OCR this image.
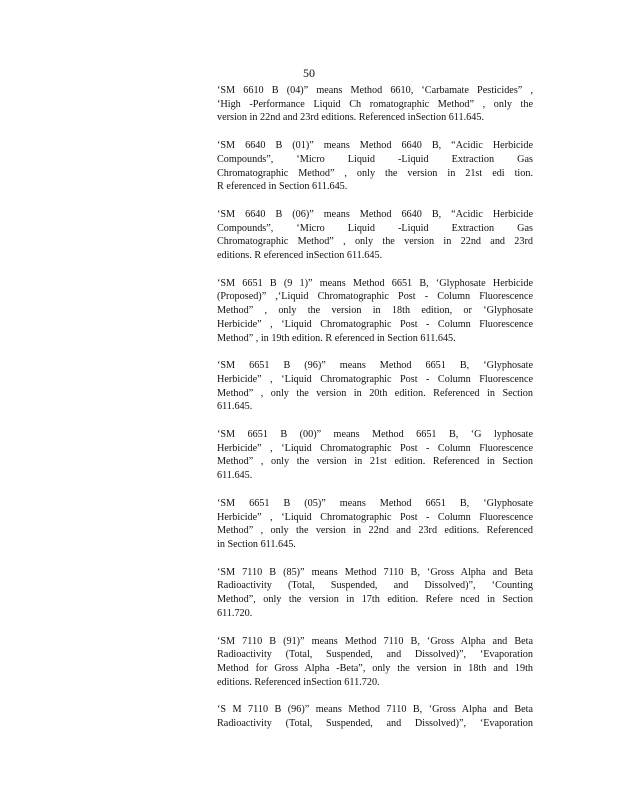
50
‘SM 6610 B (04)” means Method 6610, ‘Carbamate Pesticides” ,
‘High -Performance Liquid Ch romatographic Method” , only the
version in 22nd and 23rd editions. Referenced inSection 611.645.
‘SM 6640 B (01)” means Method 6640 B, “Acidic Herbicide
Compounds”, ‘Micro Liquid -Liquid Extraction Gas
Chromatographic Method” , only the version in 21st edi tion.
R eferenced in Section 611.645.
‘SM 6640 B (06)” means Method 6640 B, “Acidic Herbicide
Compounds”, ‘Micro Liquid -Liquid Extraction Gas
Chromatographic Method” , only the version in 22nd and 23rd
editions. R eferenced inSection 611.645.
‘SM 6651 B (9 1)” means Method 6651 B, ‘Glyphosate Herbicide
(Proposed)” ,‘Liquid Chromatographic Post - Column Fluorescence
Method” , only the version in 18th edition, or ‘Glyphosate
Herbicide” , ‘Liquid Chromatographic Post - Column Fluorescence
Method” , in 19th edition. R eferenced in Section 611.645.
‘SM 6651 B (96)” means Method 6651 B, ‘Glyphosate
Herbicide” , ‘Liquid Chromatographic Post - Column Fluorescence
Method” , only the version in 20th edition. Referenced in Section
611.645.
‘SM 6651 B (00)” means Method 6651 B, ‘G lyphosate
Herbicide” , ‘Liquid Chromatographic Post - Column Fluorescence
Method” , only the version in 21st edition. Referenced in Section
611.645.
‘SM 6651 B (05)” means Method 6651 B, ‘Glyphosate
Herbicide” , ‘Liquid Chromatographic Post - Column Fluorescence
Method” , only the version in 22nd and 23rd editions. Referenced
in Section 611.645.
‘SM 7110 B (85)” means Method 7110 B, ‘Gross Alpha and Beta
Radioactivity (Total, Suspended, and Dissolved)”, ‘Counting
Method”, only the version in 17th edition. Refere nced in Section
611.720.
‘SM 7110 B (91)” means Method 7110 B, ‘Gross Alpha and Beta
Radioactivity (Total, Suspended, and Dissolved)”, ‘Evaporation
Method for Gross Alpha -Beta”, only the version in 18th and 19th
editions. Referenced inSection 611.720.
‘S M 7110 B (96)” means Method 7110 B, ‘Gross Alpha and Beta
Radioactivity (Total, Suspended, and Dissolved)”, ‘Evaporation
